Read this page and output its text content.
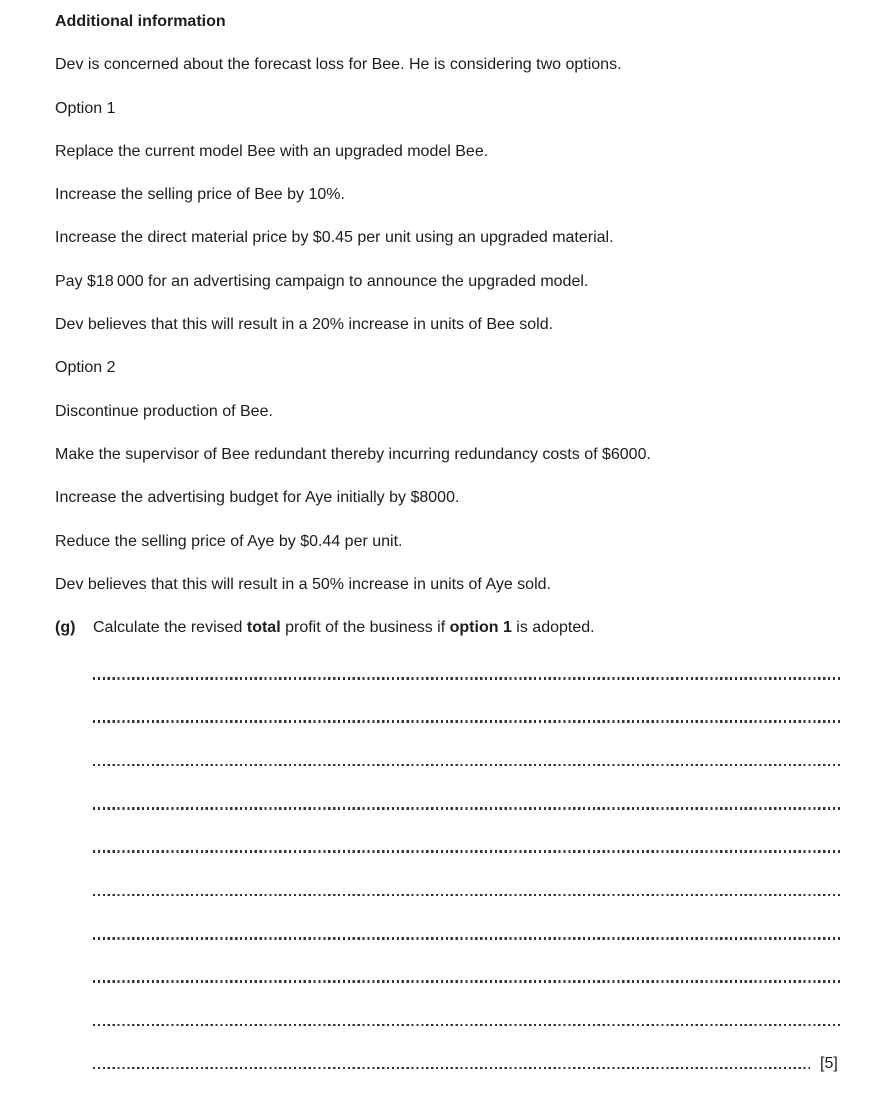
Additional information

Dev is concerned about the forecast loss for Bee. He is considering two options.

Option 1

Replace the current model Bee with an upgraded model Bee.

Increase the selling price of Bee by 10%.

Increase the direct material price by $0.45 per unit using an upgraded material.

Pay $18 000 for an advertising campaign to announce the upgraded model.

Dev believes that this will result in a 20% increase in units of Bee sold.

Option 2

Discontinue production of Bee.

Make the supervisor of Bee redundant thereby incurring redundancy costs of $6000.

Increase the advertising budget for Aye initially by $8000.

Reduce the selling price of Aye by $0.44 per unit.

Dev believes that this will result in a 50% increase in units of Aye sold.

(g)	Calculate the revised total profit of the business if option 1 is adopted.
[5]
